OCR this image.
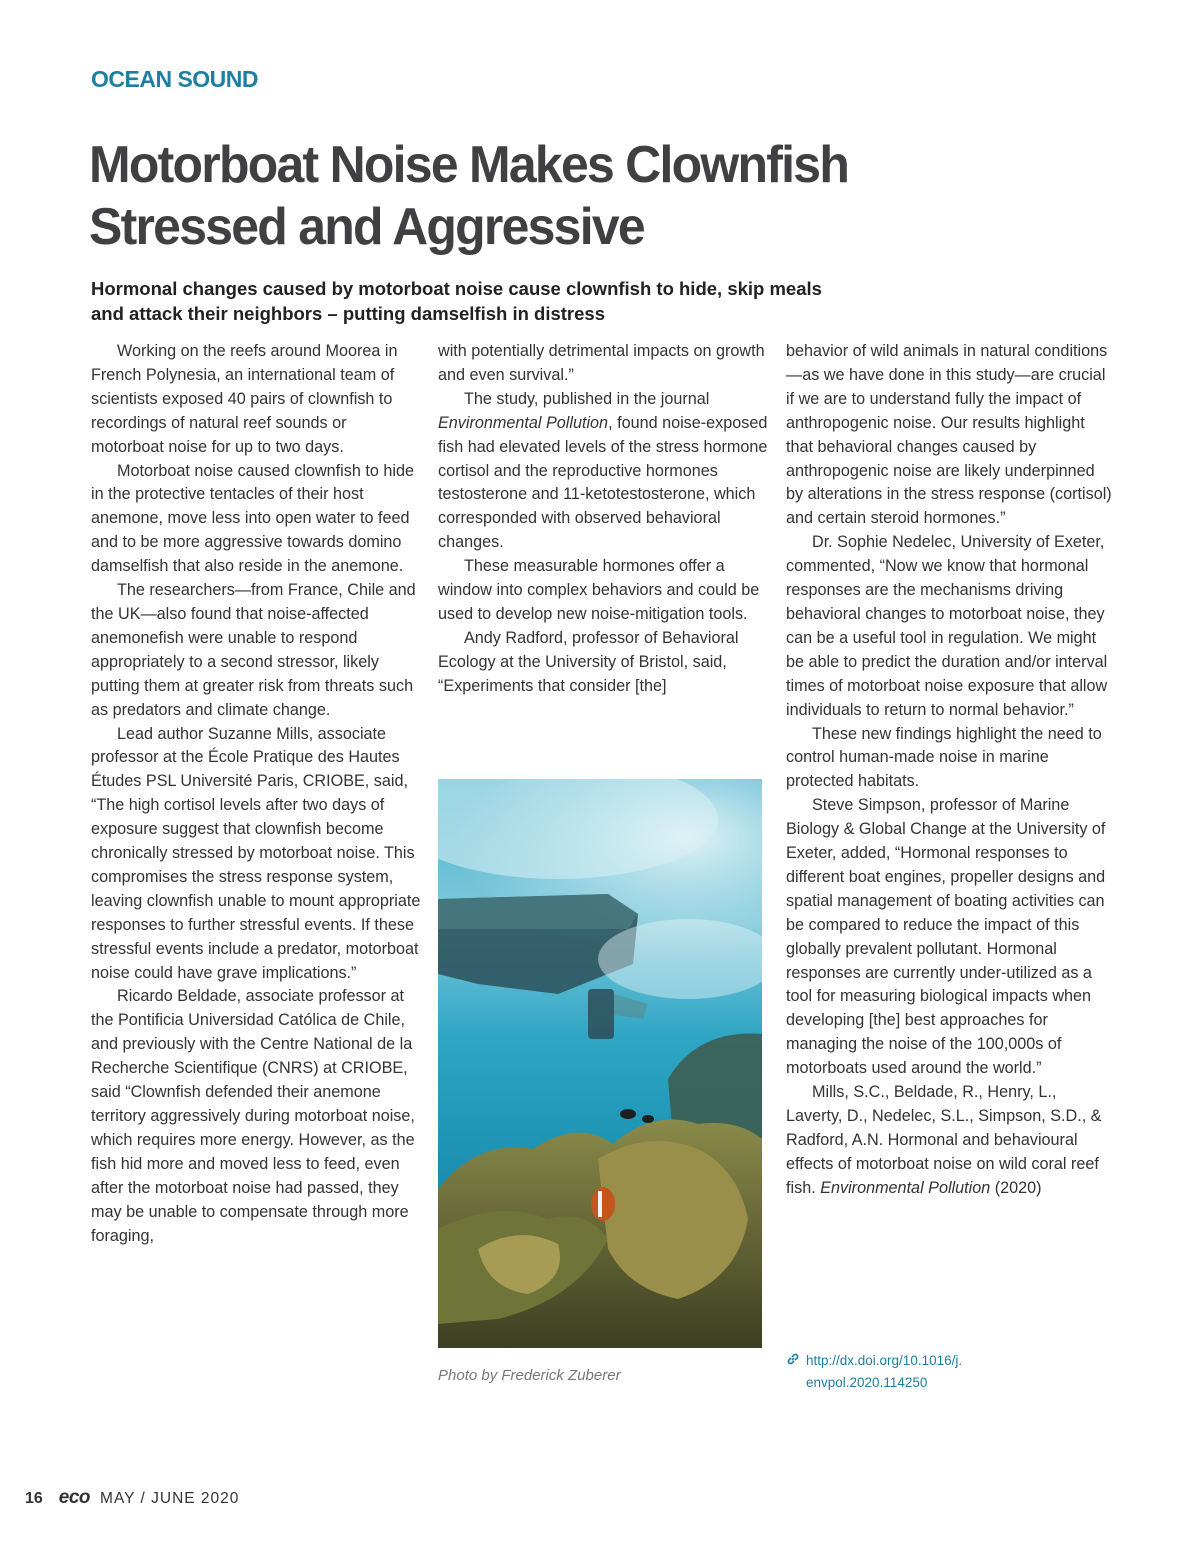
OCEAN SOUND
Motorboat Noise Makes Clownfish Stressed and Aggressive

Hormonal changes caused by motorboat noise cause clownfish to hide, skip meals and attack their neighbors – putting damselfish in distress

Working on the reefs around Moorea in French Polynesia, an international team of scientists exposed 40 pairs of clownfish to recordings of natural reef sounds or motorboat noise for up to two days.

Motorboat noise caused clownfish to hide in the protective tentacles of their host anemone, move less into open water to feed and to be more aggressive towards domino damselfish that also reside in the anemone.

The researchers—from France, Chile and the UK—also found that noise-affected anemonefish were unable to respond appropriately to a second stressor, likely putting them at greater risk from threats such as predators and climate change.

Lead author Suzanne Mills, associate professor at the École Pratique des Hautes Études PSL Université Paris, CRIOBE, said, “The high cortisol levels after two days of exposure suggest that clownfish become chronically stressed by motorboat noise. This compromises the stress response system, leaving clownfish unable to mount appropriate responses to further stressful events. If these stressful events include a predator, motorboat noise could have grave implications.”

Ricardo Beldade, associate professor at the Pontificia Universidad Católica de Chile, and previously with the Centre National de la Recherche Scientifique (CNRS) at CRIOBE, said “Clownfish defended their anemone territory aggressively during motorboat noise, which requires more energy. However, as the fish hid more and moved less to feed, even after the motorboat noise had passed, they may be unable to compensate through more foraging,

with potentially detrimental impacts on growth and even survival.”

The study, published in the journal Environmental Pollution, found noise-exposed fish had elevated levels of the stress hormone cortisol and the reproductive hormones testosterone and 11-ketotestosterone, which corresponded with observed behavioral changes.

These measurable hormones offer a window into complex behaviors and could be used to develop new noise-mitigation tools.

Andy Radford, professor of Behavioral Ecology at the University of Bristol, said, “Experiments that consider [the]

Photo by Frederick Zuberer

behavior of wild animals in natural conditions—as we have done in this study—are crucial if we are to understand fully the impact of anthropogenic noise. Our results highlight that behavioral changes caused by anthropogenic noise are likely underpinned by alterations in the stress response (cortisol) and certain steroid hormones.”

Dr. Sophie Nedelec, University of Exeter, commented, “Now we know that hormonal responses are the mechanisms driving behavioral changes to motorboat noise, they can be a useful tool in regulation. We might be able to predict the duration and/or interval times of motorboat noise exposure that allow individuals to return to normal behavior.”

These new findings highlight the need to control human-made noise in marine protected habitats.

Steve Simpson, professor of Marine Biology & Global Change at the University of Exeter, added, “Hormonal responses to different boat engines, propeller designs and spatial management of boating activities can be compared to reduce the impact of this globally prevalent pollutant. Hormonal responses are currently under-utilized as a tool for measuring biological impacts when developing [the] best approaches for managing the noise of the 100,000s of motorboats used around the world.”

Mills, S.C., Beldade, R., Henry, L., Laverty, D., Nedelec, S.L., Simpson, S.D., & Radford, A.N. Hormonal and behavioural effects of motorboat noise on wild coral reef fish. Environmental Pollution (2020)

http://dx.doi.org/10.1016/j.
envpol.2020.114250
16 eco MAY / JUNE 2020
